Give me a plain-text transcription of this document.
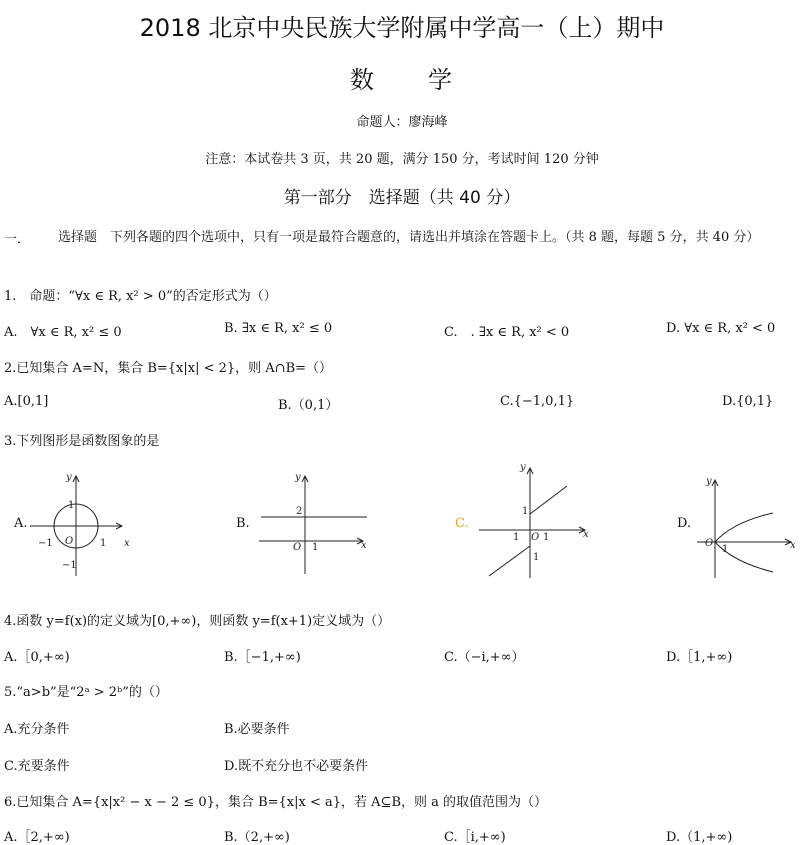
2018 北京中央民族大学附属中学高一（上）期中
数　　学
命题人：廖海峰
注意：本试卷共 3 页，共 20 题，满分 150 分，考试时间 120 分钟
第一部分　选择题（共 40 分）
一． 选择题　下列各题的四个选项中，只有一项是最符合题意的，请选出并填涂在答题卡上。（共 8 题，每题 5 分，共 40 分）
1.　命题：“∀x ∈ R, x² > 0”的否定形式为（）
A.　∀x ∈ R, x² ≤ 0	B. ∃x ∈ R, x² ≤ 0	C.　. ∃x ∈ R, x² < 0	D. ∀x ∈ R, x² < 0
2.已知集合 A=N，集合 B={x|x| < 2}，则 A∩B=（）
A.[0,1]	B.（0,1）	C.{−1,0,1}	D.{0,1}
3.下列图形是函数图象的是
A.	B.	C.	D.
y
x
O
1
1
−1
−1
y
x
O 1
2
y
x
O 1
1
1
1
y
x
O
1
4.函数 y=f(x)的定义域为[0,+∞)，则函数 y=f(x+1)定义域为（）
A.［0,+∞)	B.［−1,+∞)	C.（−i,+∞）	D.［1,+∞)
5.“a>b”是“2ᵃ > 2ᵇ”的（）
A.充分条件	B.必要条件
C.充要条件	D.既不充分也不必要条件
6.已知集合 A={x|x² − x − 2 ≤ 0}，集合 B={x|x < a}，若 A⊆B，则 a 的取值范围为（）
A.［2,+∞)	B.（2,+∞)	C.［i,+∞)	D.（1,+∞)
